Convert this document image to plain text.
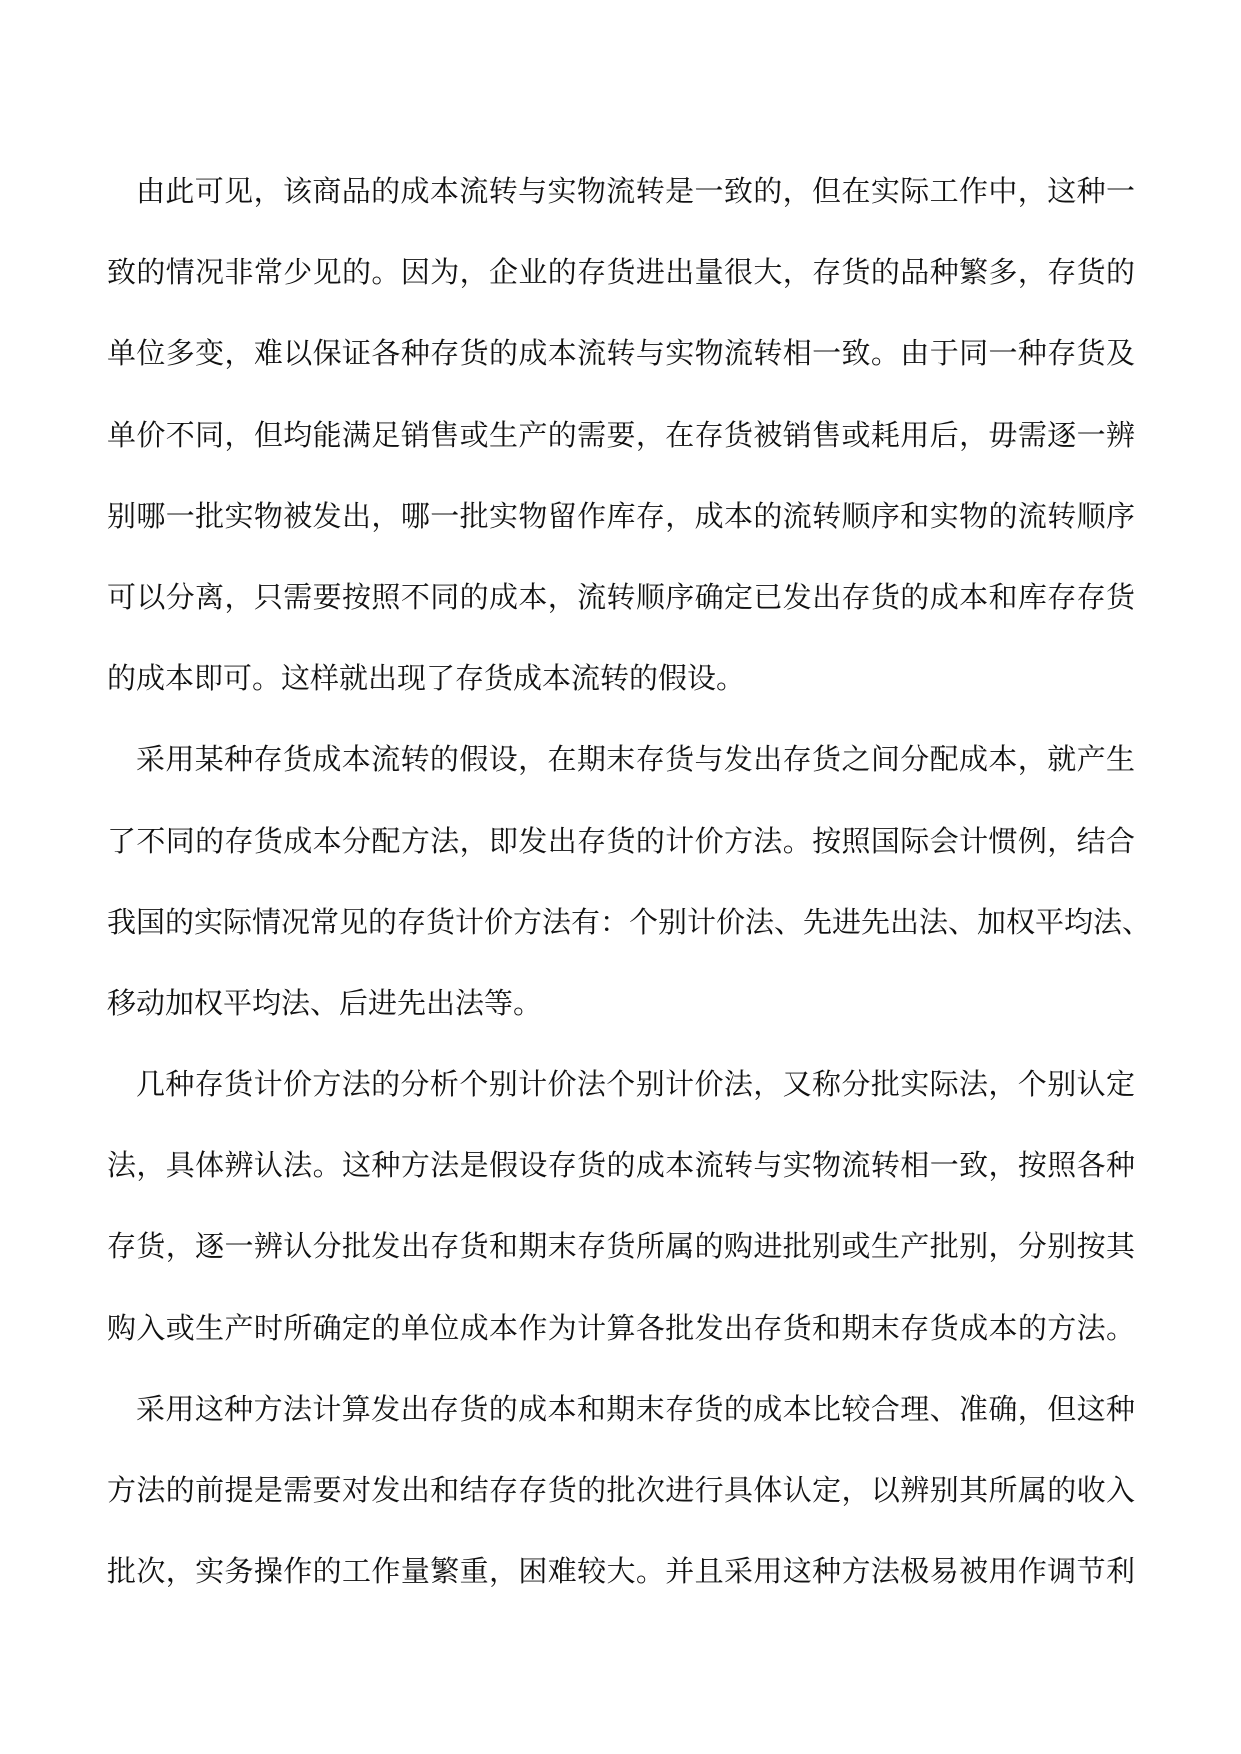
由此可见，该商品的成本流转与实物流转是一致的，但在实际工作中，这种一
致的情况非常少见的。因为，企业的存货进出量很大，存货的品种繁多，存货的
单位多变，难以保证各种存货的成本流转与实物流转相一致。由于同一种存货及
单价不同，但均能满足销售或生产的需要，在存货被销售或耗用后，毋需逐一辨
别哪一批实物被发出，哪一批实物留作库存，成本的流转顺序和实物的流转顺序
可以分离，只需要按照不同的成本，流转顺序确定已发出存货的成本和库存存货
的成本即可。这样就出现了存货成本流转的假设。
采用某种存货成本流转的假设，在期末存货与发出存货之间分配成本，就产生
了不同的存货成本分配方法，即发出存货的计价方法。按照国际会计惯例，结合
我国的实际情况常见的存货计价方法有：个别计价法、先进先出法、加权平均法、
移动加权平均法、后进先出法等。
几种存货计价方法的分析个别计价法个别计价法，又称分批实际法，个别认定
法，具体辨认法。这种方法是假设存货的成本流转与实物流转相一致，按照各种
存货，逐一辨认分批发出存货和期末存货所属的购进批别或生产批别，分别按其
购入或生产时所确定的单位成本作为计算各批发出存货和期末存货成本的方法。
采用这种方法计算发出存货的成本和期末存货的成本比较合理、准确，但这种
方法的前提是需要对发出和结存存货的批次进行具体认定，以辨别其所属的收入
批次，实务操作的工作量繁重，困难较大。并且采用这种方法极易被用作调节利
